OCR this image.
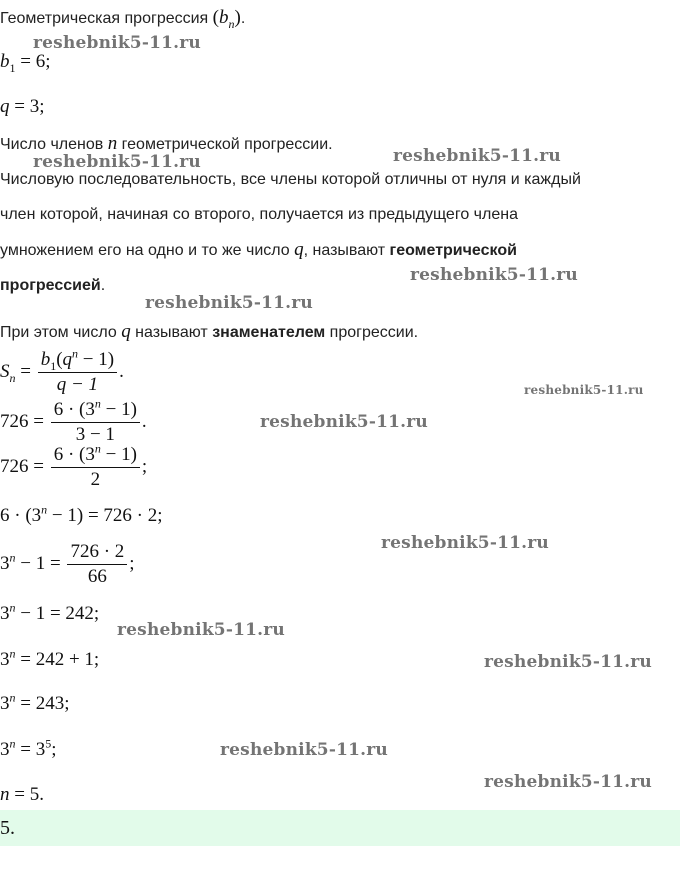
Геометрическая прогрессия $(b_n)$.
$b_1 = 6$;
q = 3;
Число членов n геометрической прогрессии.
Числовую последовательность, все члены которой отличны от нуля и каждый
член которой, начиная со второго, получается из предыдущего члена
умножением его на одно и то же число q, называют геометрической
прогрессией.
При этом число q называют знаменателем прогрессии.
$S_n = \frac{b_1(q^n - 1)}{q - 1}$ .
$726 = \frac{6 \cdot (3^n - 1)}{3 - 1}$ .
$726 = \frac{6 \cdot (3^n - 1)}{2}$ ;
$6 \cdot (3^n - 1) = 726 \cdot 2$;
$3^n - 1 = \frac{726 \cdot 2}{66}$ ;
$3^n - 1 = 242$;
$3^n = 242 + 1$;
$3^n = 243$;
$3^n = 3^5$;
n = 5.
5.
reshebnik5-11.ru
reshebnik5-11.ru	reshebnik5-11.ru
reshebnik5-11.ru
reshebnik5-11.ru
reshebnik5-11.ru
reshebnik5-11.ru
reshebnik5-11.ru
reshebnik5-11.ru
reshebnik5-11.ru
reshebnik5-11.ru
reshebnik5-11.ru
